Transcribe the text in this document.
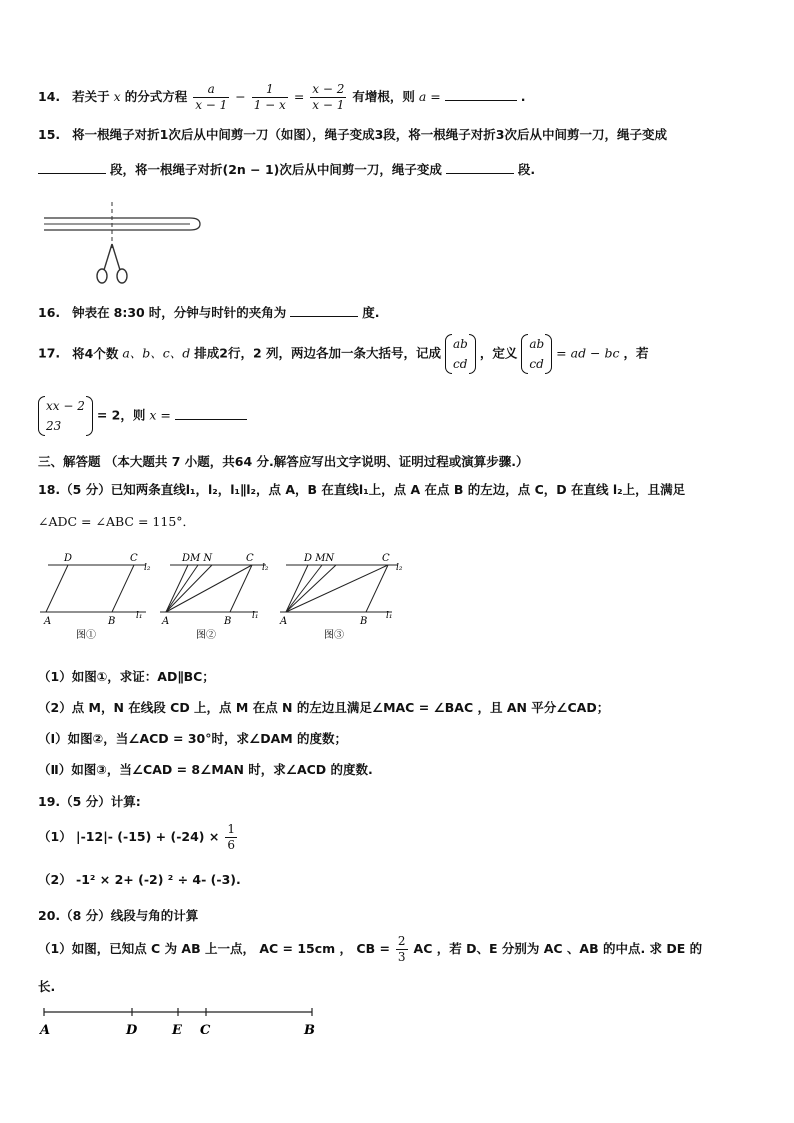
14. 若关于 x 的分式方程 $\frac{a}{x - 1} - \frac{1}{1 - x} = \frac{x - 2}{x - 1}$ 有增根，则 a =	.
15. 将一根绳子对折1次后从中间剪一刀（如图），绳子变成3段，将一根绳子对折3次后从中间剪一刀，绳子变成
段，将一根绳子对折(2n − 1)次后从中间剪一刀，绳子变成	段.
16. 钟表在 8:30 时，分钟与时针的夹角为	度.
17. 将4个数 a、b、c、d 排成2行，2 列，两边各加一条大括号，记成
ab
cd
，定义
ab
cd
= ad − bc ，若
xx − 2
23
= 2，则 x =
三、解答题 （本大题共 7 小题，共64 分.解答应写出文字说明、证明过程或演算步骤.）
18.（5 分）已知两条直线l₁，l₂，l₁∥l₂，点 A，B 在直线l₁上，点 A 在点 B 的左边，点 C，D 在直线 l₂上，且满足
∠ADC = ∠ABC = 115°．
D	C
l₂
A	B l₁
图①
DM N	C
l₂
A	B l₁
图②
D MN	C
l₂
A	B l₁
图③
（1）如图①，求证：AD∥BC；
（2）点 M，N 在线段 CD 上，点 M 在点 N 的左边且满足∠MAC = ∠BAC ，且 AN 平分∠CAD；
（Ⅰ）如图②，当∠ACD = 30°时，求∠DAM 的度数；
（Ⅱ）如图③，当∠CAD = 8∠MAN 时，求∠ACD 的度数.
19.（5 分）计算:
（1） |-12|- $(-15) + (-24) \times \frac{1}{6}$
（2） -1² × 2+ (-2) ² ÷ 4- (-3).
20.（8 分）线段与角的计算
（1）如图，已知点 C 为 AB 上一点， AC = 15cm ， CB = $\frac{2}{3}$ AC ，若 D、E 分别为 AC 、AB 的中点. 求 DE 的
长.
A	D	E C	B
